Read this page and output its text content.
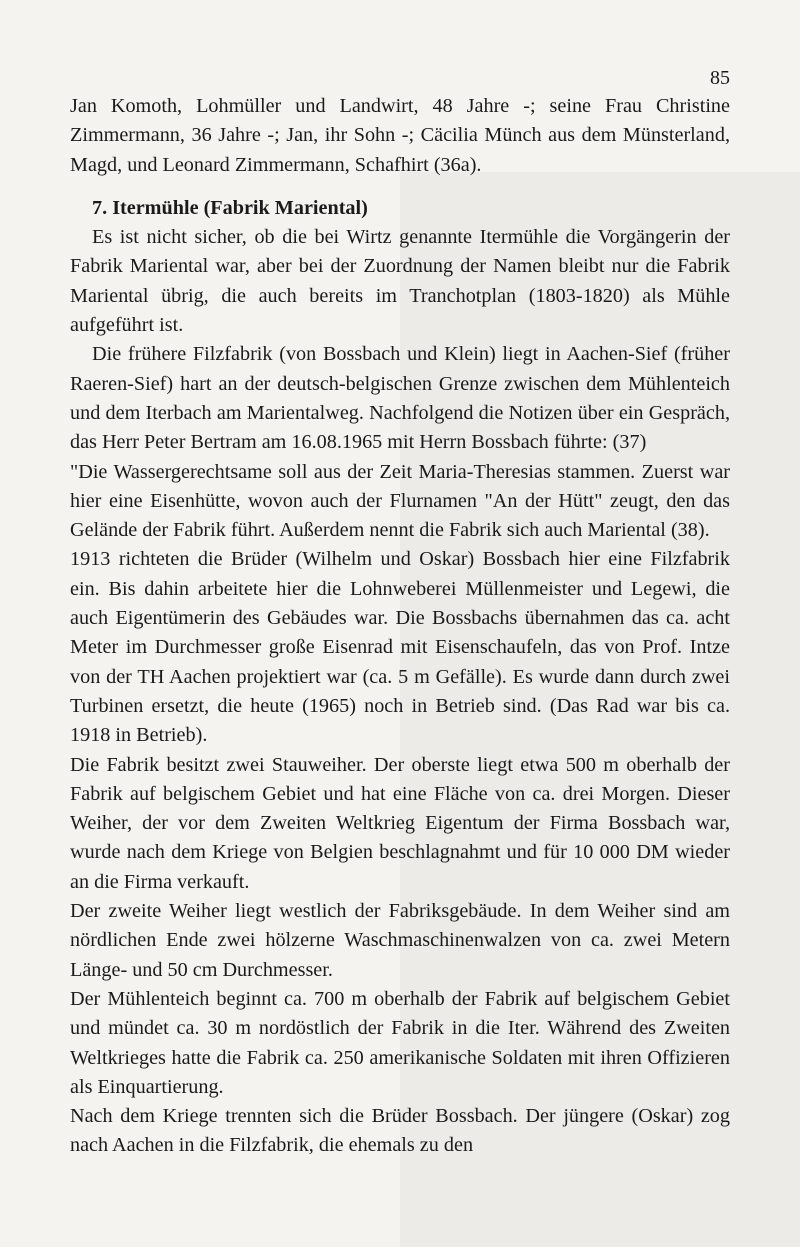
85

Jan Komoth, Lohmüller und Landwirt, 48 Jahre -; seine Frau Christine Zimmermann, 36 Jahre -; Jan, ihr Sohn -; Cäcilia Münch aus dem Münsterland, Magd, und Leonard Zimmermann, Schafhirt (36a).

7. Itermühle (Fabrik Mariental)

Es ist nicht sicher, ob die bei Wirtz genannte Itermühle die Vorgängerin der Fabrik Mariental war, aber bei der Zuordnung der Namen bleibt nur die Fabrik Mariental übrig, die auch bereits im Tranchotplan (1803-1820) als Mühle aufgeführt ist.

Die frühere Filzfabrik (von Bossbach und Klein) liegt in Aachen-Sief (früher Raeren-Sief) hart an der deutsch-belgischen Grenze zwischen dem Mühlenteich und dem Iterbach am Marientalweg. Nachfolgend die Notizen über ein Gespräch, das Herr Peter Bertram am 16.08.1965 mit Herrn Bossbach führte: (37)

"Die Wassergerechtsame soll aus der Zeit Maria-Theresias stammen. Zuerst war hier eine Eisenhütte, wovon auch der Flurnamen "An der Hütt" zeugt, den das Gelände der Fabrik führt. Außerdem nennt die Fabrik sich auch Mariental (38).

1913 richteten die Brüder (Wilhelm und Oskar) Bossbach hier eine Filzfabrik ein. Bis dahin arbeitete hier die Lohnweberei Müllenmeister und Legewi, die auch Eigentümerin des Gebäudes war. Die Bossbachs übernahmen das ca. acht Meter im Durchmesser große Eisenrad mit Eisenschaufeln, das von Prof. Intze von der TH Aachen projektiert war (ca. 5 m Gefälle). Es wurde dann durch zwei Turbinen ersetzt, die heute (1965) noch in Betrieb sind. (Das Rad war bis ca. 1918 in Betrieb).

Die Fabrik besitzt zwei Stauweiher. Der oberste liegt etwa 500 m oberhalb der Fabrik auf belgischem Gebiet und hat eine Fläche von ca. drei Morgen. Dieser Weiher, der vor dem Zweiten Weltkrieg Eigentum der Firma Bossbach war, wurde nach dem Kriege von Belgien beschlagnahmt und für 10 000 DM wieder an die Firma verkauft.

Der zweite Weiher liegt westlich der Fabriksgebäude. In dem Weiher sind am nördlichen Ende zwei hölzerne Waschmaschinenwalzen von ca. zwei Metern Länge- und 50 cm Durchmesser.

Der Mühlenteich beginnt ca. 700 m oberhalb der Fabrik auf belgischem Gebiet und mündet ca. 30 m nordöstlich der Fabrik in die Iter. Während des Zweiten Weltkrieges hatte die Fabrik ca. 250 amerikanische Soldaten mit ihren Offizieren als Einquartierung.

Nach dem Kriege trennten sich die Brüder Bossbach. Der jüngere (Oskar) zog nach Aachen in die Filzfabrik, die ehemals zu den
